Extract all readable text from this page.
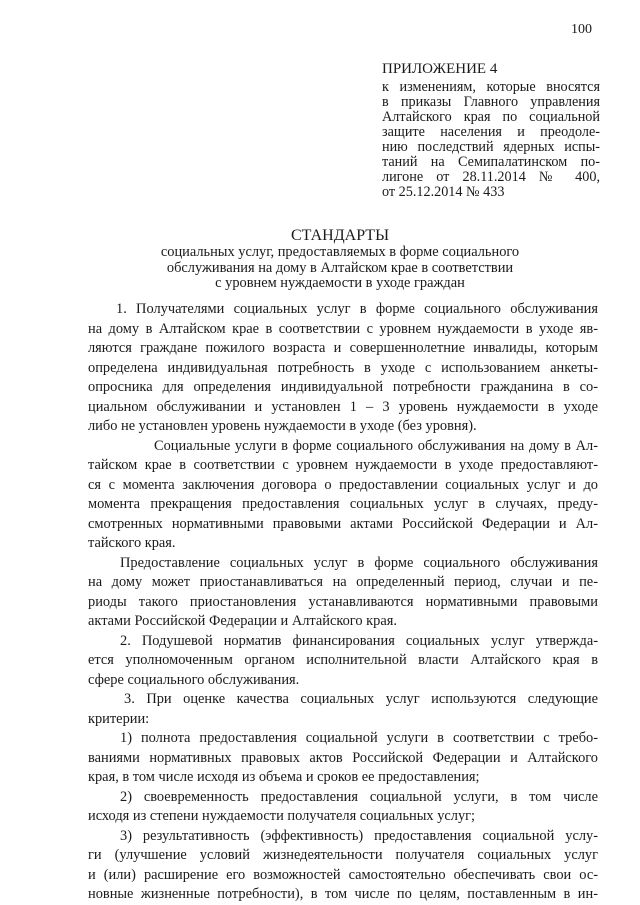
100
ПРИЛОЖЕНИЕ 4
к изменениям, которые вносятся
в приказы Главного управления
Алтайского края по социальной
защите населения и преодоле-
нию последствий ядерных испы-
таний на Семипалатинском по-
лигоне от 28.11.2014 № 400,
от 25.12.2014 № 433
СТАНДАРТЫ
социальных услуг, предоставляемых в форме социального
обслуживания на дому в Алтайском крае в соответствии
с уровнем нуждаемости в уходе граждан
1. Получателями социальных услуг в форме социального обслуживания
на дому в Алтайском крае в соответствии с уровнем нуждаемости в уходе яв-
ляются граждане пожилого возраста и совершеннолетние инвалиды, которым
определена индивидуальная потребность в уходе с использованием анкеты-
опросника для определения индивидуальной потребности гражданина в со-
циальном обслуживании и установлен 1 – 3 уровень нуждаемости в уходе
либо не установлен уровень нуждаемости в уходе (без уровня).
Социальные услуги в форме социального обслуживания на дому в Ал-
тайском крае в соответствии с уровнем нуждаемости в уходе предоставляют-
ся с момента заключения договора о предоставлении социальных услуг и до
момента прекращения предоставления социальных услуг в случаях, преду-
смотренных нормативными правовыми актами Российской Федерации и Ал-
тайского края.
Предоставление социальных услуг в форме социального обслуживания
на дому может приостанавливаться на определенный период, случаи и пе-
риоды такого приостановления устанавливаются нормативными правовыми
актами Российской Федерации и Алтайского края.
2. Подушевой норматив финансирования социальных услуг утвержда-
ется уполномоченным органом исполнительной власти Алтайского края в
сфере социального обслуживания.
3. При оценке качества социальных услуг используются следующие
критерии:
1) полнота предоставления социальной услуги в соответствии с требо-
ваниями нормативных правовых актов Российской Федерации и Алтайского
края, в том числе исходя из объема и сроков ее предоставления;
2) своевременность предоставления социальной услуги, в том числе
исходя из степени нуждаемости получателя социальных услуг;
3) результативность (эффективность) предоставления социальной услу-
ги (улучшение условий жизнедеятельности получателя социальных услуг
и (или) расширение его возможностей самостоятельно обеспечивать свои ос-
новные жизненные потребности), в том числе по целям, поставленным в ин-
